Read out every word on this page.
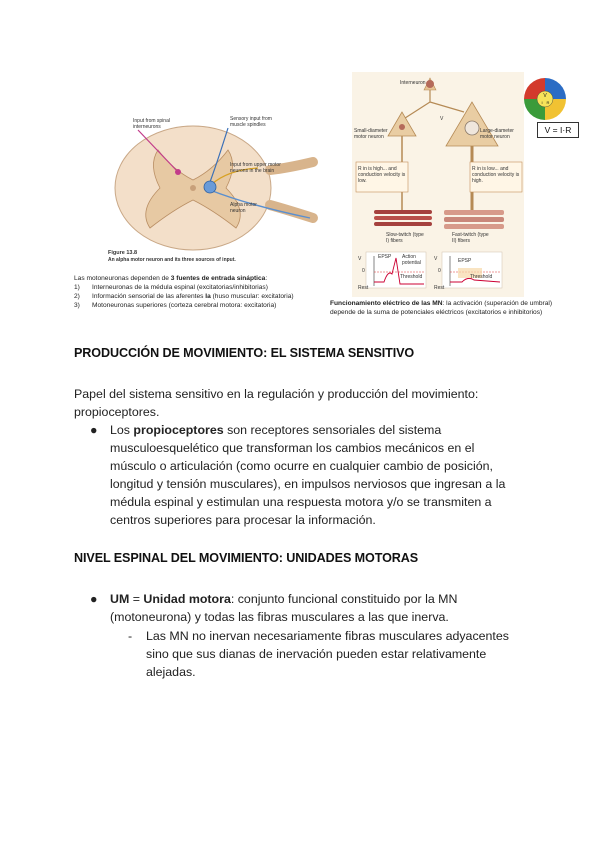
Input from spinal interneurons
Sensory input from muscle spindles
Input from upper motor neurons in the brain
Alpha motor neuron
Figure 13.8
An alpha motor neuron and its three sources of input.
Las motoneuronas dependen de 3 fuentes de entrada sináptica:
1) Interneuronas de la médula espinal (excitatorias/inhibitorias)
2) Información sensorial de las aferentes Ia (huso muscular: excitatoria)
3) Motoneuronas superiores (corteza cerebral motora: excitatoria)
Interneuron
V
Small-diameter motor neuron
Large-diameter motor neuron
R in is high... and conduction velocity is low.
R in is low... and conduction velocity is high.
Slow-twitch (type I) fibers
Fast-twitch (type II) fibers
EPSP Action potential
Threshold
Rest
V
0
EPSP
Threshold
Rest
V
0
V
I R
V = I·R
Funcionamiento eléctrico de las MN: la activación (superación de umbral) depende de la suma de potenciales eléctricos (excitatorios e inhibitorios)
PRODUCCIÓN DE MOVIMIENTO: EL SISTEMA SENSITIVO
Papel del sistema sensitivo en la regulación y producción del movimiento: propioceptores.
● Los propioceptores son receptores sensoriales del sistema musculoesquelético que transforman los cambios mecánicos en el músculo o articulación (como ocurre en cualquier cambio de posición, longitud y tensión musculares), en impulsos nerviosos que ingresan a la médula espinal y estimulan una respuesta motora y/o se transmiten a centros superiores para procesar la información.
NIVEL ESPINAL DEL MOVIMIENTO: UNIDADES MOTORAS
● UM = Unidad motora: conjunto funcional constituido por la MN (motoneurona) y todas las fibras musculares a las que inerva.
- Las MN no inervan necesariamente fibras musculares adyacentes sino que sus dianas de inervación pueden estar relativamente alejadas.
